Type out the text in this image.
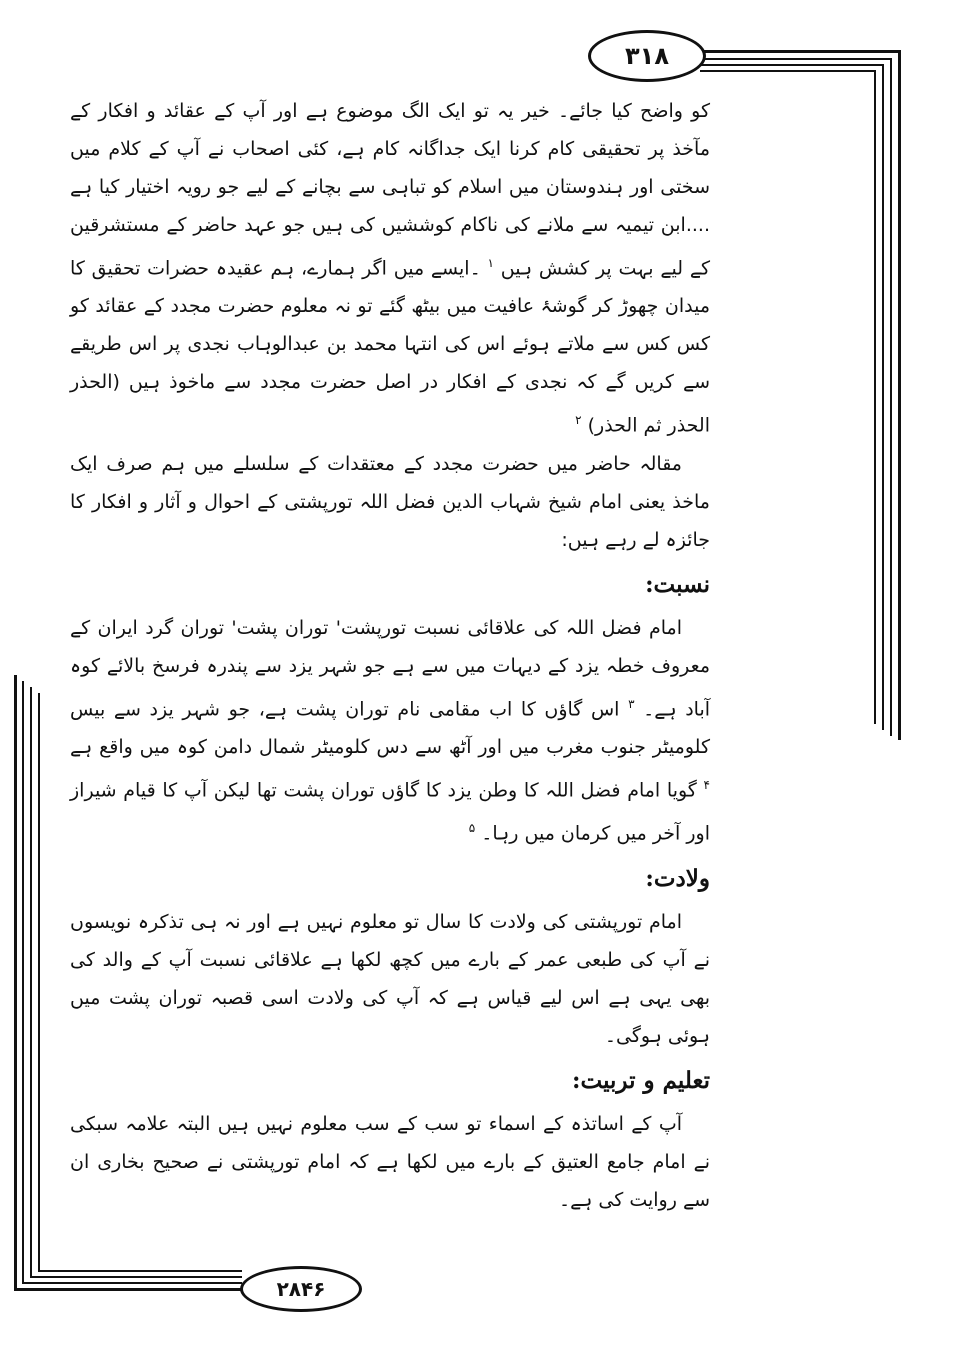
۳۱۸

کو واضح کیا جائے۔ خیر یہ تو ایک الگ موضوع ہے اور آپ کے عقائد و افکار کے مآخذ پر تحقیقی کام کرنا ایک جداگانہ کام ہے، کئی اصحاب نے آپ کے کلام میں سختی اور ہندوستان میں اسلام کو تباہی سے بچانے کے لیے جو رویہ اختیار کیا ہے ....ابن تیمیہ سے ملانے کی ناکام کوششیں کی ہیں جو عہد حاضر کے مستشرقین کے لیے بہت پر کشش ہیں $^۱$ ۔ایسے میں اگر ہمارے، ہم عقیدہ حضرات تحقیق کا میدان چھوڑ کر گوشۂ عافیت میں بیٹھ گئے تو نہ معلوم حضرت مجدد کے عقائد کو کس کس سے ملاتے ہوئے اس کی انتہا محمد بن عبدالوہاب نجدی پر اس طریقے سے کریں گے کہ نجدی کے افکار در اصل حضرت مجدد سے ماخوذ ہیں (الحذر الحذر ثم الحذر) $^۲$

مقالہ حاضر میں حضرت مجدد کے معتقدات کے سلسلے میں ہم صرف ایک ماخذ یعنی امام شیخ شہاب الدین فضل اللہ تورپشتی کے احوال و آثار و افکار کا جائزہ لے رہے ہیں:

نسبت:

امام فضل اللہ کی علاقائی نسبت تورپشت' توران پشت' توران گرد ایران کے معروف خطہ یزد کے دیہات میں سے ہے جو شہر یزد سے پندرہ فرسخ بالائے کوہ آباد ہے۔ $^۳$ اس گاؤں کا اب مقامی نام توران پشت ہے، جو شہر یزد سے بیس کلومیٹر جنوب مغرب میں اور آٹھ سے دس کلومیٹر شمال دامن کوہ میں واقع ہے $^۴$ گویا امام فضل اللہ کا وطن یزد کا گاؤں توران پشت تھا لیکن آپ کا قیام شیراز اور آخر میں کرمان میں رہا۔ $^۵$

ولادت:

امام تورپشتی کی ولادت کا سال تو معلوم نہیں ہے اور نہ ہی تذکرہ نویسوں نے آپ کی طبعی عمر کے بارے میں کچھ لکھا ہے علاقائی نسبت آپ کے والد کی بھی یہی ہے اس لیے قیاس ہے کہ آپ کی ولادت اسی قصبہ توران پشت میں ہوئی ہوگی۔

تعلیم و تربیت:

آپ کے اساتذہ کے اسماء تو سب کے سب معلوم نہیں ہیں البتہ علامہ سبکی نے امام جامع العتیق کے بارے میں لکھا ہے کہ امام تورپشتی نے صحیح بخاری ان سے روایت کی ہے۔

۲۸۴۶
